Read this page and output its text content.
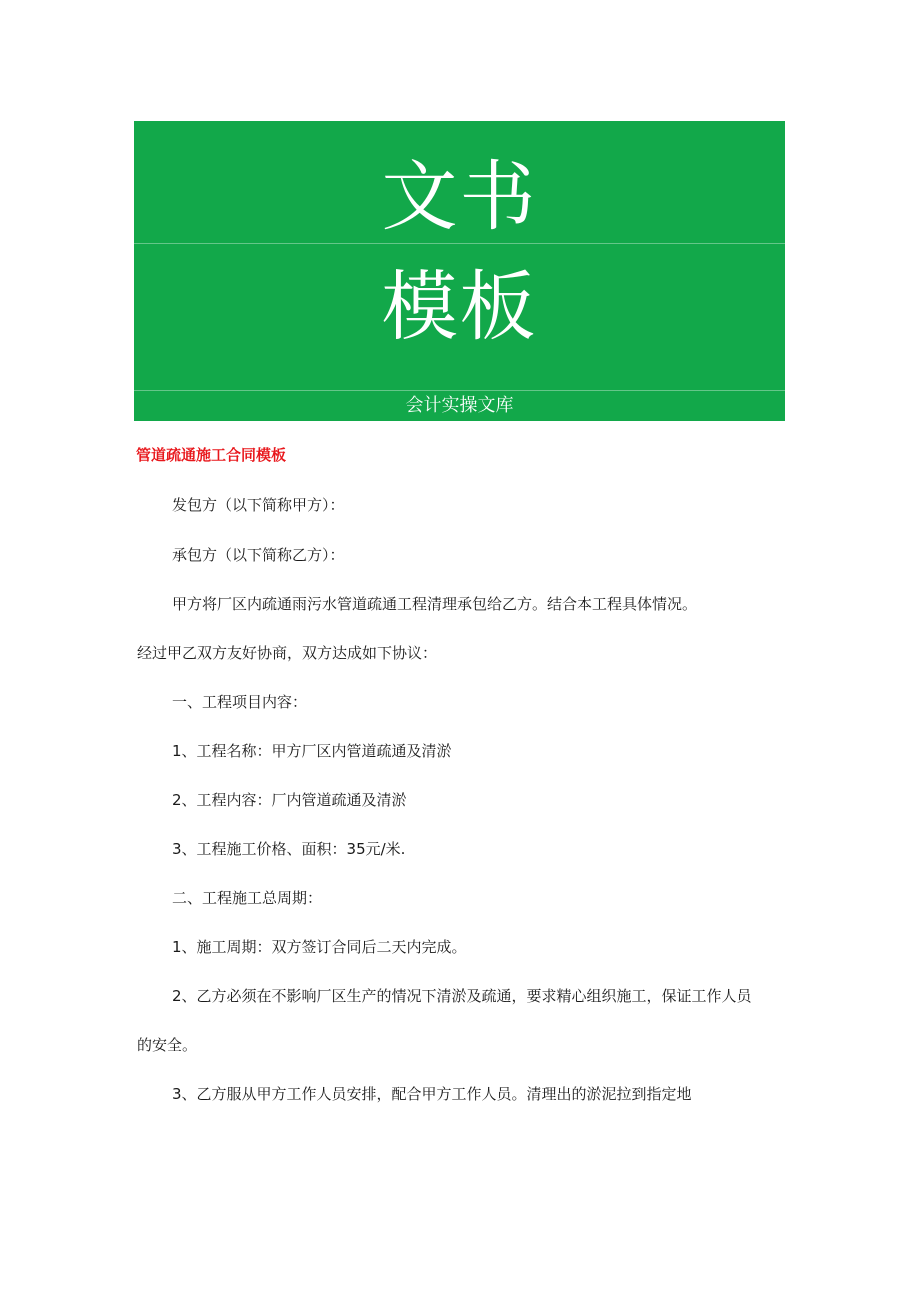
文书
模板
会计实操文库
管道疏通施工合同模板
发包方（以下简称甲方）：
承包方（以下简称乙方）：
甲方将厂区内疏通雨污水管道疏通工程清理承包给乙方。结合本工程具体情况。
经过甲乙双方友好协商，双方达成如下协议：
一、工程项目内容：
1、工程名称：甲方厂区内管道疏通及清淤
2、工程内容：厂内管道疏通及清淤
3、工程施工价格、面积：35元/米.
二、工程施工总周期：
1、施工周期：双方签订合同后二天内完成。
2、乙方必须在不影响厂区生产的情况下清淤及疏通，要求精心组织施工，保证工作人员
的安全。
3、乙方服从甲方工作人员安排，配合甲方工作人员。清理出的淤泥拉到指定地
